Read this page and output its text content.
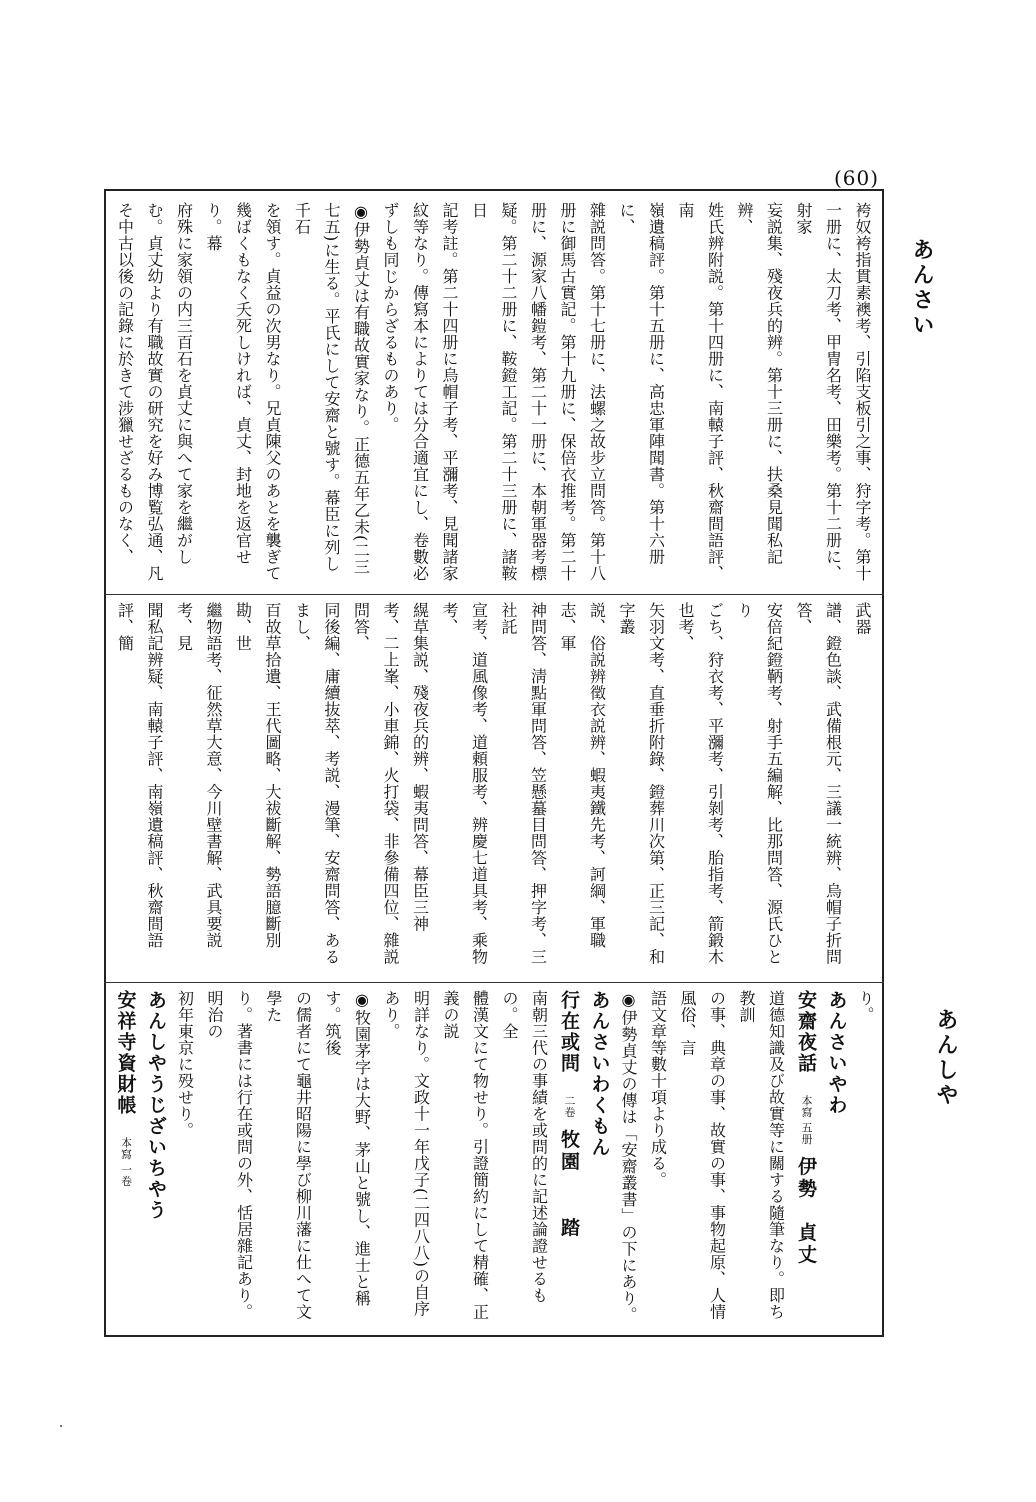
(60)
あんさい
あんしや
袴奴袴指貫素襖考、引陷支板引之事、狩字考。第十
一册に、太刀考、甲冑名考、田樂考。第十二册に、射家
妄説集、殘夜兵的辨。第十三册に、扶桑見聞私記辨、
姓氏辨附説。第十四册に、南轅子評、秋齋間語評、南
嶺遺稿評。第十五册に、高忠軍陣聞書。第十六册に、
雜説問答。第十七册に、法螺之故步立問答。第十八
册に御馬古實記。第十九册に、保倍衣推考。第二十
册に、源家八幡鎧考、第二十一册に、本朝軍器考標
疑。第二十二册に、鞍鐙工記。第二十三册に、諸鞍日
記考註。第二十四册に烏帽子考、平瀰考、見聞諸家
紋等なり。傳寫本によりては分合適宜にし、卷數必
ずしも同じからざるものあり。
◉伊勢貞丈は有職故實家なり。正德五年乙未(二三
七五)に生る。平氏にして安齋と號す。幕臣に列し千石
を領す。貞益の次男なり。兄貞陳父のあとを襲ぎて
幾ばくもなく夭死しければ、貞丈、封地を返官せり。幕
府殊に家領の内三百石を貞丈に與へて家を繼がし
む。貞丈幼より有職故實の研究を好み博覧弘通、凡
そ中古以後の記錄に於きて涉獵せざるものなく、
武器
譜、鐙色談、武備根元、三議一統辨、烏帽子折問答、
安倍紀鐙鞆考、射手五編解、比那問答、源氏ひとり
ごち、狩衣考、平瀰考、引剝考、胎指考、箭鍛木也考、
矢羽文考、直垂折附錄、鐙葬川次第、正三記、和字叢
説、俗説辨徵衣説辨、蝦夷鐵先考、訶綱、軍職志、軍
神問答、淸點軍問答、笠懸蟇目問答、押字考、三社託
宣考、道風像考、道頼服考、辨慶七道具考、乘物考、
縨草集説、殘夜兵的辨、蝦夷問答、幕臣三神
考、二上峯、小車錦、火打袋、非參備四位、雜説問答、
同後編、庸續抜萃、考説、漫筆、安齋問答、あるまし、
百故草拾遺、王代圖略、大祓斷解、勢語臆斷別勘、世
繼物語考、征然草大意、今川壁書解、武具要説考、見
聞私記辨疑、南轅子評、南嶺遺稿評、秋齋間語評、簡
り。
あんさいやわ
安齋夜話　本寫 五册　伊勢　貞丈
道德知識及び故實等に關する隨筆なり。即ち教訓
の事、典章の事、故實の事、事物起原、人情風俗、言
語文章等數十項より成る。
◉伊勢貞丈の傳は「安齋叢書」の下にあり。
あんさいわくもん
行在或問　二卷　牧園　　踏
南朝三代の事績を或問的に記述論證せるもの。全
體漢文にて物せり。引證簡約にして精確、正義の説
明詳なり。文政十一年戊子(二四八八)の自序あり。
◉牧園茅字は大野、茅山と號し、進士と稱す。筑後
の儒者にて龜井昭陽に學び柳川藩に仕へて文學た
り。著書には行在或問の外、恬居雜記あり。明治の
初年東京に殁せり。
あんしやうじざいちやう
安祥寺資財帳　本寫 一卷　
